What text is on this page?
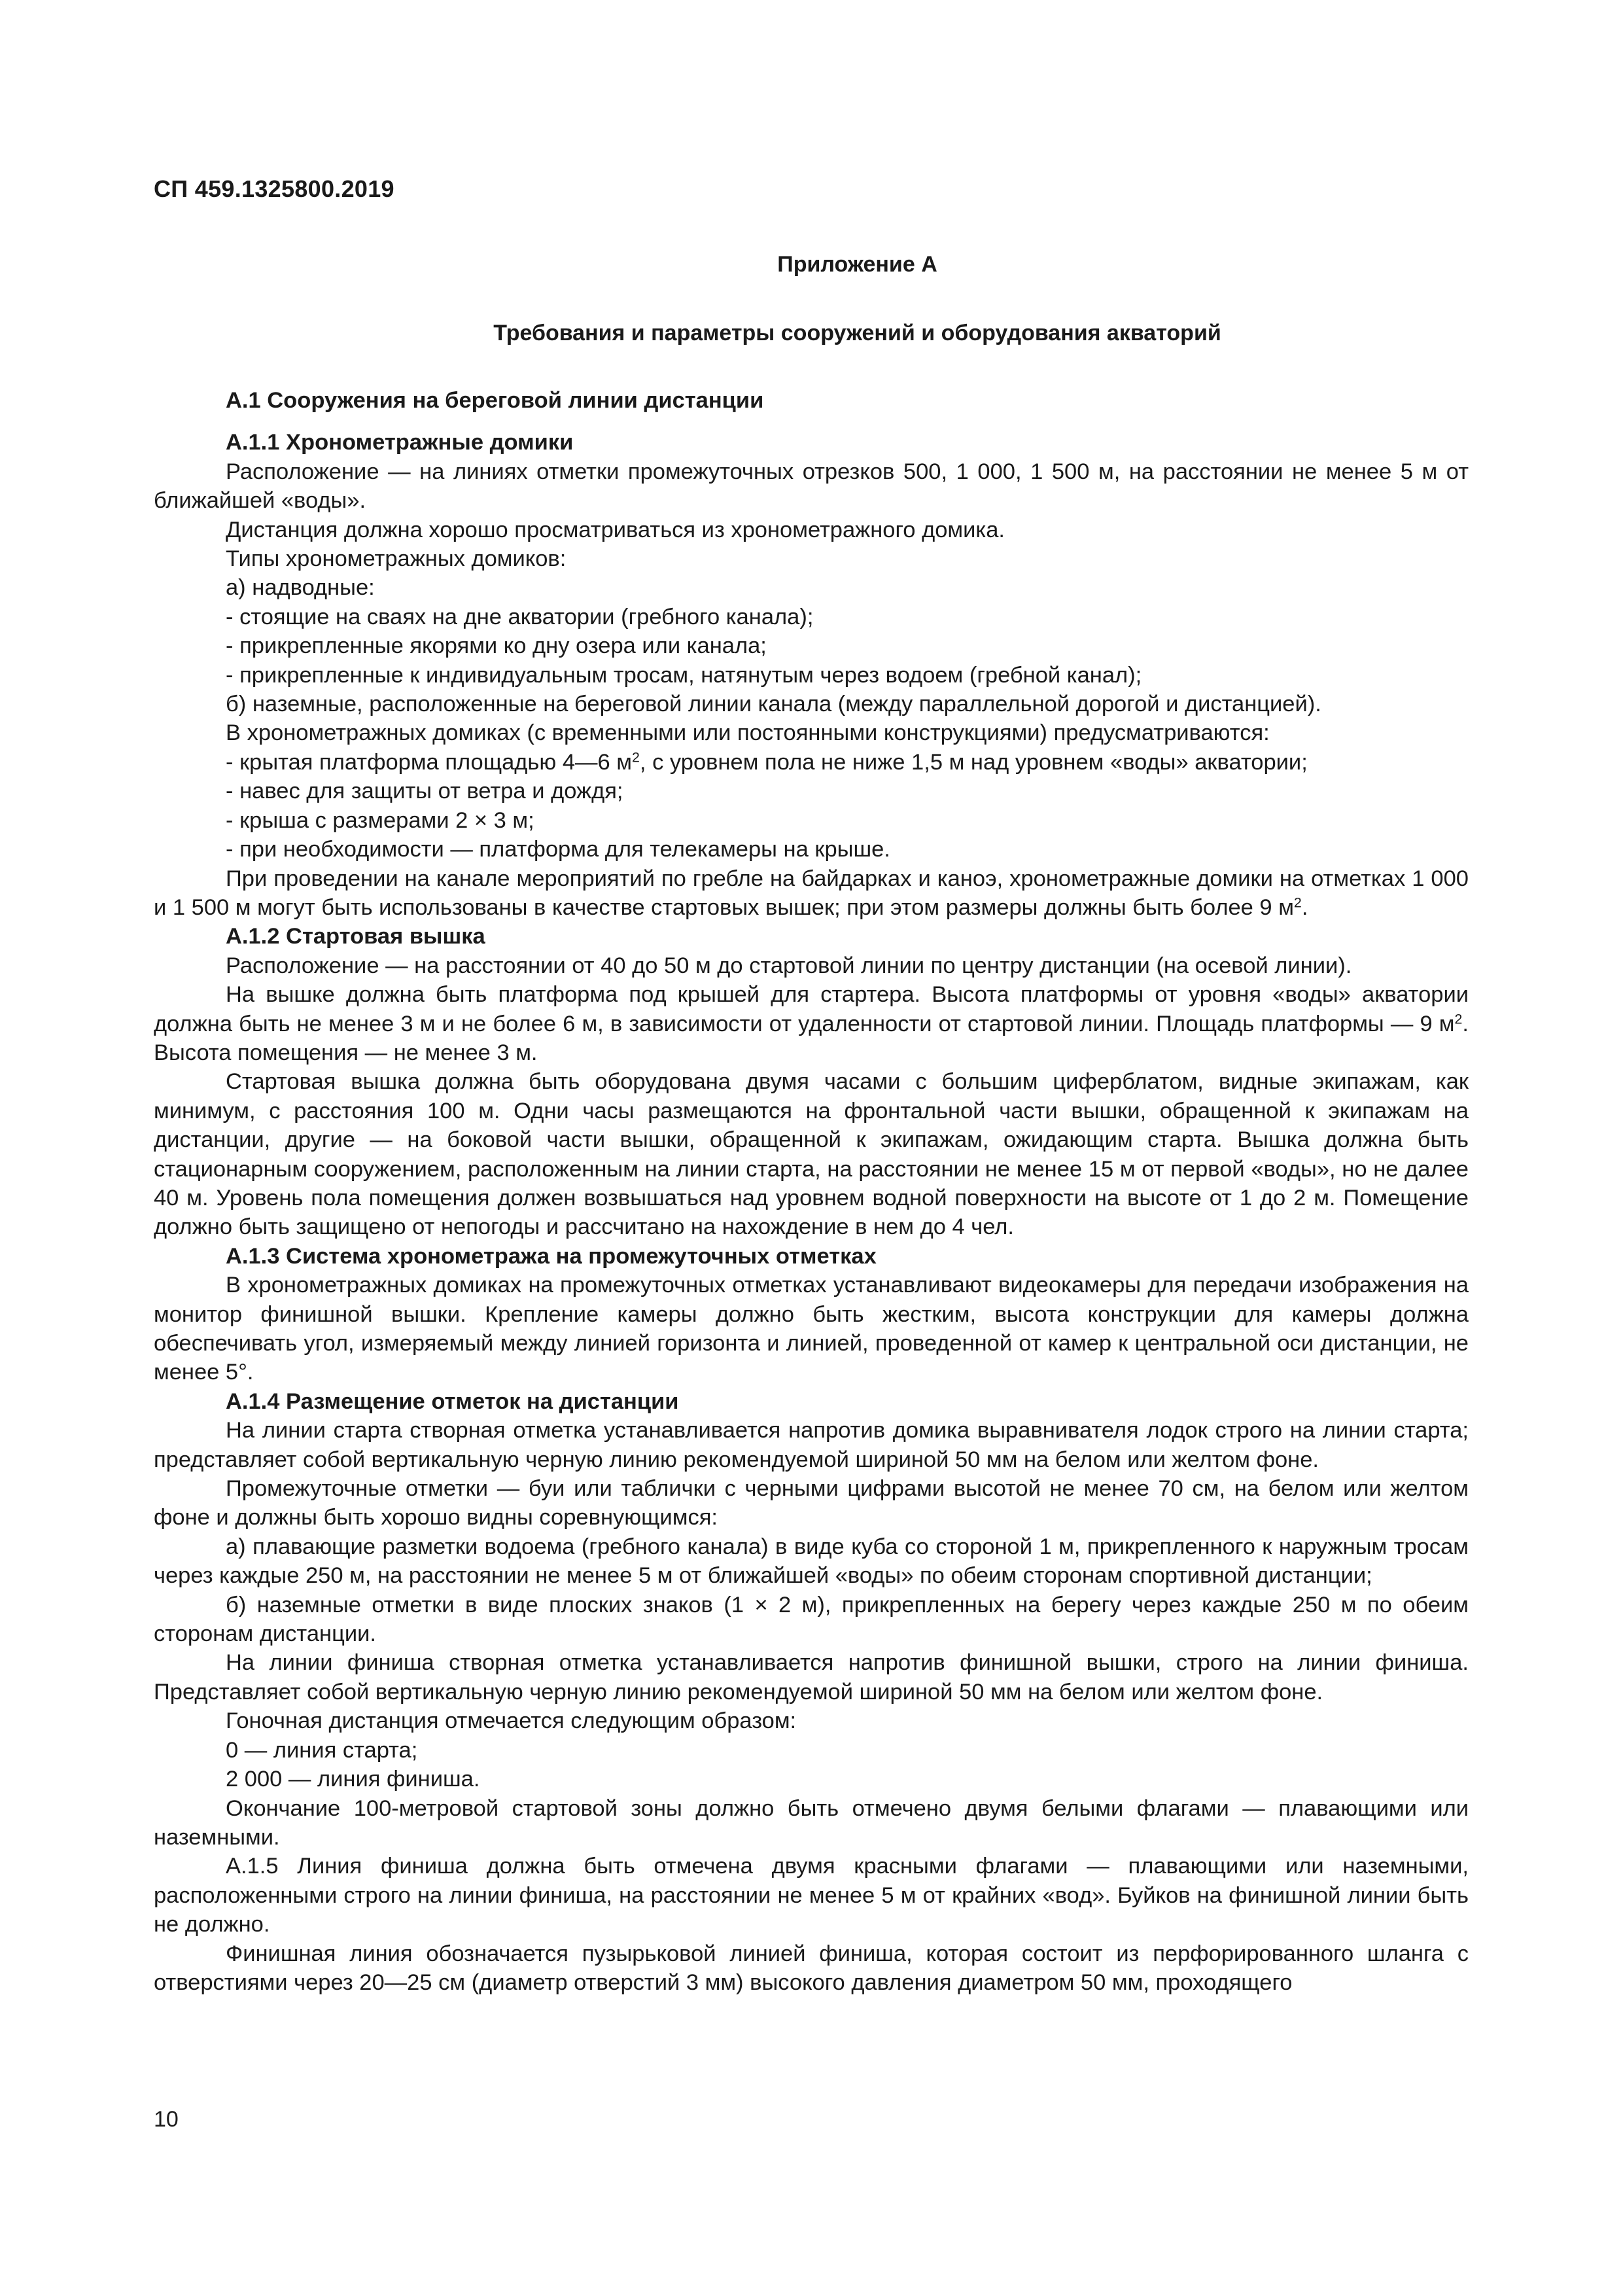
СП 459.1325800.2019
Приложение А
Требования и параметры сооружений и оборудования акваторий

А.1 Сооружения на береговой линии дистанции

А.1.1 Хронометражные домики

Расположение — на линиях отметки промежуточных отрезков 500, 1 000, 1 500 м, на расстоянии не менее 5 м от ближайшей «воды».

Дистанция должна хорошо просматриваться из хронометражного домика.

Типы хронометражных домиков:

а) надводные:

- стоящие на сваях на дне акватории (гребного канала);

- прикрепленные якорями ко дну озера или канала;

- прикрепленные к индивидуальным тросам, натянутым через водоем (гребной канал);

б) наземные, расположенные на береговой линии канала (между параллельной дорогой и дистанцией).

В хронометражных домиках (с временными или постоянными конструкциями) предусматриваются:

- крытая платформа площадью 4—6 $м^2$, с уровнем пола не ниже 1,5 м над уровнем «воды» акватории;

- навес для защиты от ветра и дождя;

- крыша с размерами 2 × 3 м;

- при необходимости — платформа для телекамеры на крыше.

При проведении на канале мероприятий по гребле на байдарках и каноэ, хронометражные домики на отметках 1 000 и 1 500 м могут быть использованы в качестве стартовых вышек; при этом размеры должны быть более 9 $м^2$.

А.1.2 Стартовая вышка

Расположение — на расстоянии от 40 до 50 м до стартовой линии по центру дистанции (на осевой линии).

На вышке должна быть платформа под крышей для стартера. Высота платформы от уровня «воды» акватории должна быть не менее 3 м и не более 6 м, в зависимости от удаленности от стартовой линии. Площадь платформы — 9 $м^2$. Высота помещения — не менее 3 м.

Стартовая вышка должна быть оборудована двумя часами с большим циферблатом, видные экипажам, как минимум, с расстояния 100 м. Одни часы размещаются на фронтальной части вышки, обращенной к экипажам на дистанции, другие — на боковой части вышки, обращенной к экипажам, ожидающим старта. Вышка должна быть стационарным сооружением, расположенным на линии старта, на расстоянии не менее 15 м от первой «воды», но не далее 40 м. Уровень пола помещения должен возвышаться над уровнем водной поверхности на высоте от 1 до 2 м. Помещение должно быть защищено от непогоды и рассчитано на нахождение в нем до 4 чел.

А.1.3 Система хронометража на промежуточных отметках

В хронометражных домиках на промежуточных отметках устанавливают видеокамеры для передачи изображения на монитор финишной вышки. Крепление камеры должно быть жестким, высота конструкции для камеры должна обеспечивать угол, измеряемый между линией горизонта и линией, проведенной от камер к центральной оси дистанции, не менее 5°.

А.1.4 Размещение отметок на дистанции

На линии старта створная отметка устанавливается напротив домика выравнивателя лодок строго на линии старта; представляет собой вертикальную черную линию рекомендуемой шириной 50 мм на белом или желтом фоне.

Промежуточные отметки — буи или таблички с черными цифрами высотой не менее 70 см, на белом или желтом фоне и должны быть хорошо видны соревнующимся:

а) плавающие разметки водоема (гребного канала) в виде куба со стороной 1 м, прикрепленного к наружным тросам через каждые 250 м, на расстоянии не менее 5 м от ближайшей «воды» по обеим сторонам спортивной дистанции;

б) наземные отметки в виде плоских знаков (1 × 2 м), прикрепленных на берегу через каждые 250 м по обеим сторонам дистанции.

На линии финиша створная отметка устанавливается напротив финишной вышки, строго на линии финиша. Представляет собой вертикальную черную линию рекомендуемой шириной 50 мм на белом или желтом фоне.

Гоночная дистанция отмечается следующим образом:

0 — линия старта;

2 000 — линия финиша.

Окончание 100-метровой стартовой зоны должно быть отмечено двумя белыми флагами — плавающими или наземными.

А.1.5 Линия финиша должна быть отмечена двумя красными флагами — плавающими или наземными, расположенными строго на линии финиша, на расстоянии не менее 5 м от крайних «вод». Буйков на финишной линии быть не должно.

Финишная линия обозначается пузырьковой линией финиша, которая состоит из перфорированного шланга с отверстиями через 20—25 см (диаметр отверстий 3 мм) высокого давления диаметром 50 мм, проходящего

10
